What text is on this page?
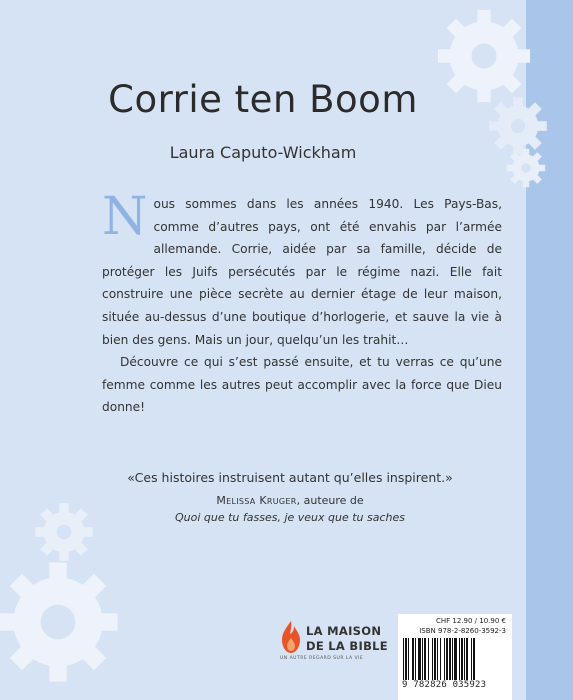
Corrie ten Boom
Laura Caputo-Wickham

Nous sommes dans les années 1940. Les Pays-Bas, comme d’autres pays, ont été envahis par l’armée allemande. Corrie, aidée par sa famille, décide de protéger les Juifs persécutés par le régime nazi. Elle fait construire une pièce secrète au dernier étage de leur maison, située au-dessus d’une boutique d’horlogerie, et sauve la vie à bien des gens. Mais un jour, quelqu’un les trahit…

Découvre ce qui s’est passé ensuite, et tu verras ce qu’une femme comme les autres peut accomplir avec la force que Dieu donne!

«Ces histoires instruisent autant qu’elles inspirent.»
Melissa Kruger, auteure de
Quoi que tu fasses, je veux que tu saches
LA MAISON
DE LA BIBLE
UN AUTRE REGARD SUR LA VIE
CHF 12.90 / 10.90 €
ISBN 978-2-8260-3592-3
9 782826 035923
